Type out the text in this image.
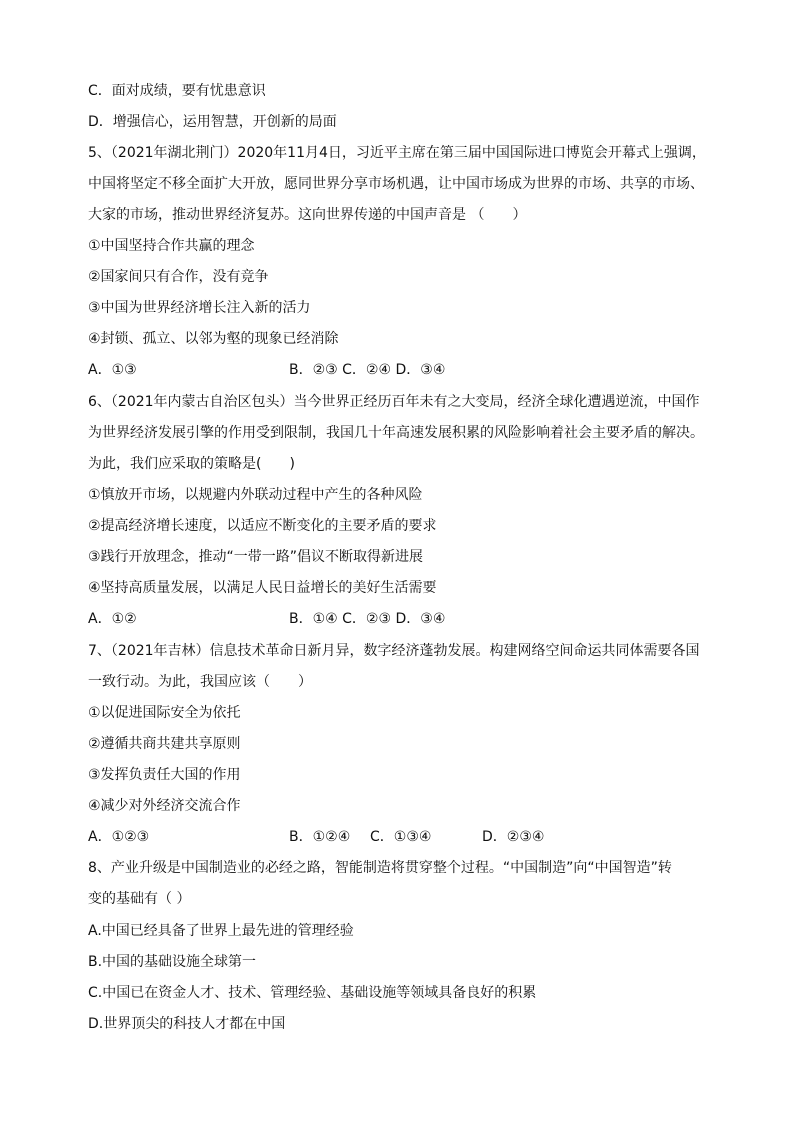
C．面对成绩，要有忧患意识
D．增强信心，运用智慧，开创新的局面
5、（2021年湖北荆门）2020年11月4日，习近平主席在第三届中国国际进口博览会开幕式上强调，
中国将坚定不移全面扩大开放，愿同世界分享市场机遇，让中国市场成为世界的市场、共享的市场、
大家的市场，推动世界经济复苏。这向世界传递的中国声音是 （　　）
①中国坚持合作共赢的理念
②国家间只有合作，没有竞争
③中国为世界经济增长注入新的活力
④封锁、孤立、以邻为壑的现象已经消除
A．①③	B．②③ C．②④ D．③④
6、（2021年内蒙古自治区包头）当今世界正经历百年未有之大变局，经济全球化遭遇逆流，中国作
为世界经济发展引擎的作用受到限制，我国几十年高速发展积累的风险影响着社会主要矛盾的解决。
为此，我们应采取的策略是(　　)
①慎放开市场，以规避内外联动过程中产生的各种风险
②提高经济增长速度，以适应不断变化的主要矛盾的要求
③践行开放理念，推动“一带一路”倡议不断取得新进展
④坚持高质量发展，以满足人民日益增长的美好生活需要
A．①②	B．①④ C．②③ D．③④
7、（2021年吉林）信息技术革命日新月异，数字经济蓬勃发展。构建网络空间命运共同体需要各国
一致行动。为此，我国应该（　　）
①以促进国际安全为依托
②遵循共商共建共享原则
③发挥负责任大国的作用
④减少对外经济交流合作
A．①②③	B．①②④ C．①③④	D．②③④
8、产业升级是中国制造业的必经之路，智能制造将贯穿整个过程。“中国制造”向“中国智造”转
变的基础有（ ）
A.中国已经具备了世界上最先进的管理经验
B.中国的基础设施全球第一
C.中国已在资金人才、技术、管理经验、基础设施等领域具备良好的积累
D.世界顶尖的科技人才都在中国
